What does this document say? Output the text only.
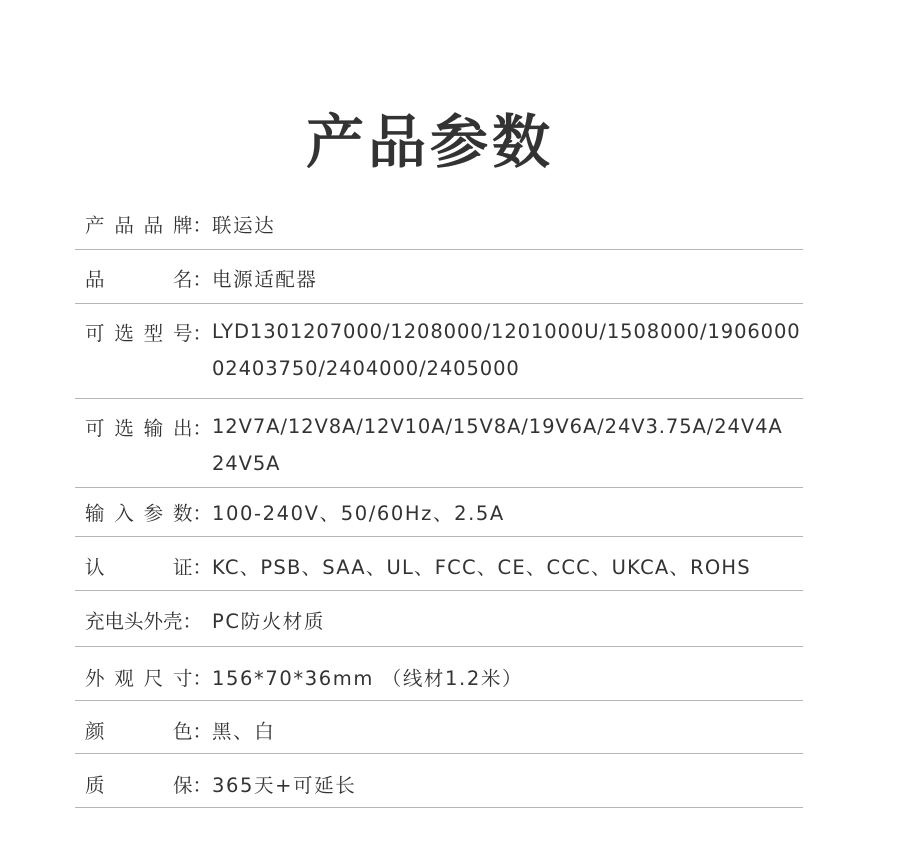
产品参数
产 品 品 牌： 联运达
品	名： 电源适配器
可 选 型 号： LYD1301207000/1208000/1201000U/1508000/1906000
02403750/2404000/2405000
可 选 输 出： 12V7A/12V8A/12V10A/15V8A/19V6A/24V3.75A/24V4A
24V5A
输 入 参 数： 100-240V、50/60Hz、2.5A
认	证： KC、PSB、SAA、UL、FCC、CE、CCC、UKCA、ROHS
充电头外壳： PC防火材质
外 观 尺 寸： 156*70*36mm （线材1.2米）
颜	色： 黑、白
质	保： 365天+可延长
